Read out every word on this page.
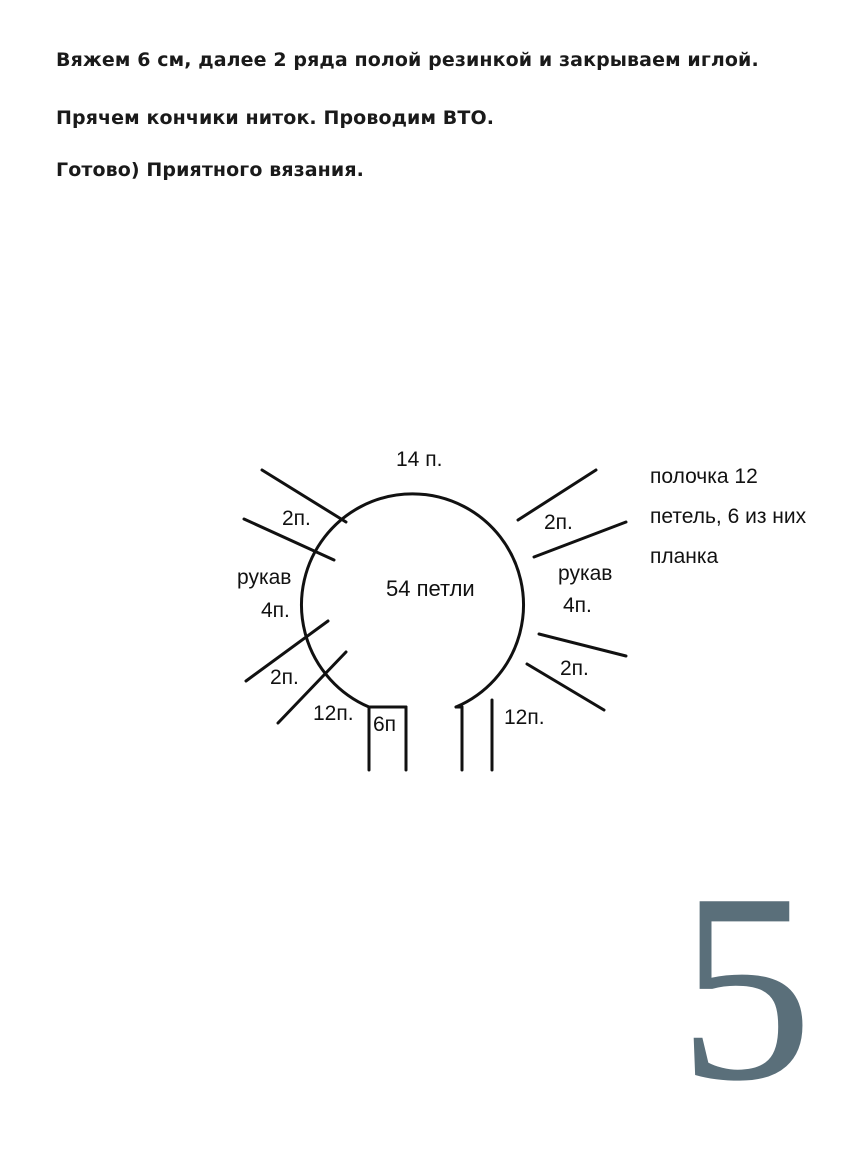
Вяжем 6 см, далее 2 ряда полой резинкой и закрываем иглой.

Прячем кончики ниток. Проводим ВТО.

Готово) Приятного вязания.

14 п.
54 петли
2п.	2п.
рукав
4п.
рукав
4п.
2п.	2п.
12п. 6п	12п.
полочка 12
петель, 6 из них
планка
5
